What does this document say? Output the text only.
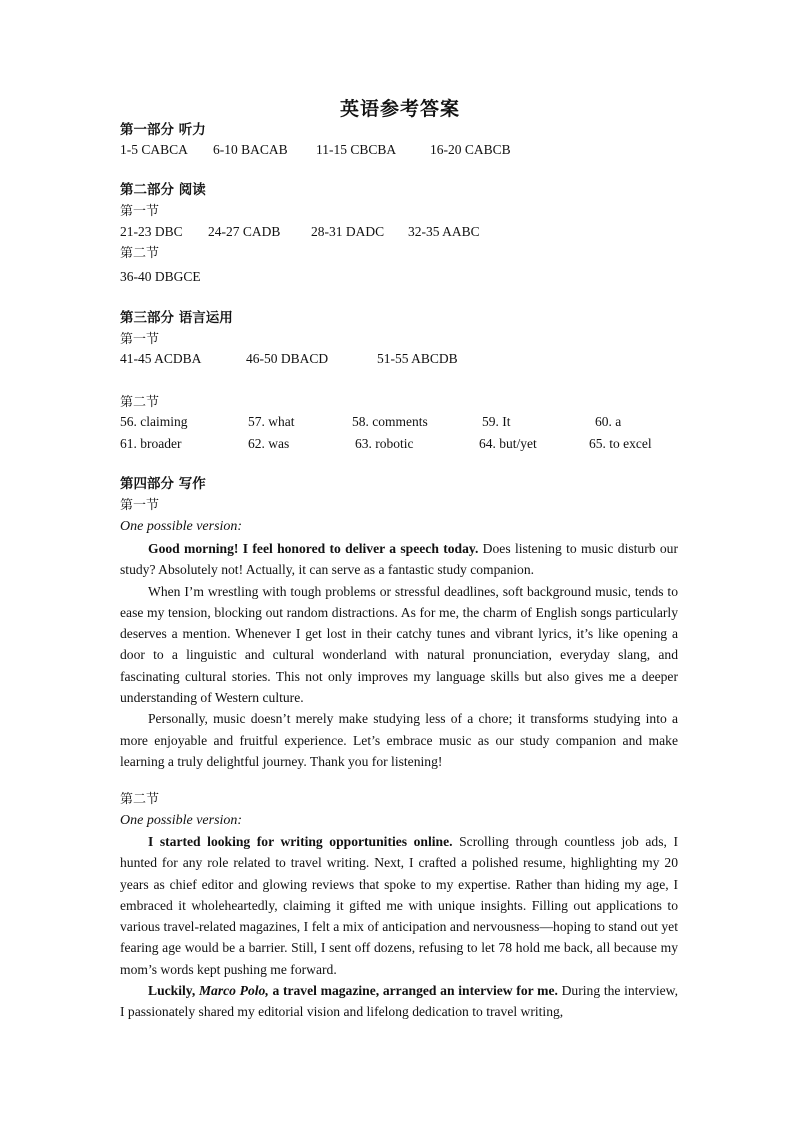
英语参考答案
第一部分 听力
1-5 CABCA 6-10 BACAB 11-15 CBCBA	16-20 CABCB
第二部分 阅读
第一节
21-23 DBC 24-27 CADB 28-31 DADC 32-35 AABC
第二节
36-40 DBGCE
第三部分 语言运用
第一节
41-45 ACDBA	46-50 DBACD	51-55 ABCDB
第二节
56. claiming	57. what	58. comments	59. It	60. a
61. broader	62. was	63. robotic	64. but/yet	65. to excel
第四部分 写作
第一节
One possible version:

Good morning! I feel honored to deliver a speech today. Does listening to music disturb our study? Absolutely not! Actually, it can serve as a fantastic study companion.

When I’m wrestling with tough problems or stressful deadlines, soft background music, tends to ease my tension, blocking out random distractions. As for me, the charm of English songs particularly deserves a mention. Whenever I get lost in their catchy tunes and vibrant lyrics, it’s like opening a door to a linguistic and cultural wonderland with natural pronunciation, everyday slang, and fascinating cultural stories. This not only improves my language skills but also gives me a deeper understanding of Western culture.

Personally, music doesn’t merely make studying less of a chore; it transforms studying into a more enjoyable and fruitful experience. Let’s embrace music as our study companion and make learning a truly delightful journey. Thank you for listening!

第二节
One possible version:

I started looking for writing opportunities online. Scrolling through countless job ads, I hunted for any role related to travel writing. Next, I crafted a polished resume, highlighting my 20 years as chief editor and glowing reviews that spoke to my expertise. Rather than hiding my age, I embraced it wholeheartedly, claiming it gifted me with unique insights. Filling out applications to various travel-related magazines, I felt a mix of anticipation and nervousness—hoping to stand out yet fearing age would be a barrier. Still, I sent off dozens, refusing to let 78 hold me back, all because my mom’s words kept pushing me forward.

Luckily, Marco Polo, a travel magazine, arranged an interview for me. During the interview, I passionately shared my editorial vision and lifelong dedication to travel writing,
